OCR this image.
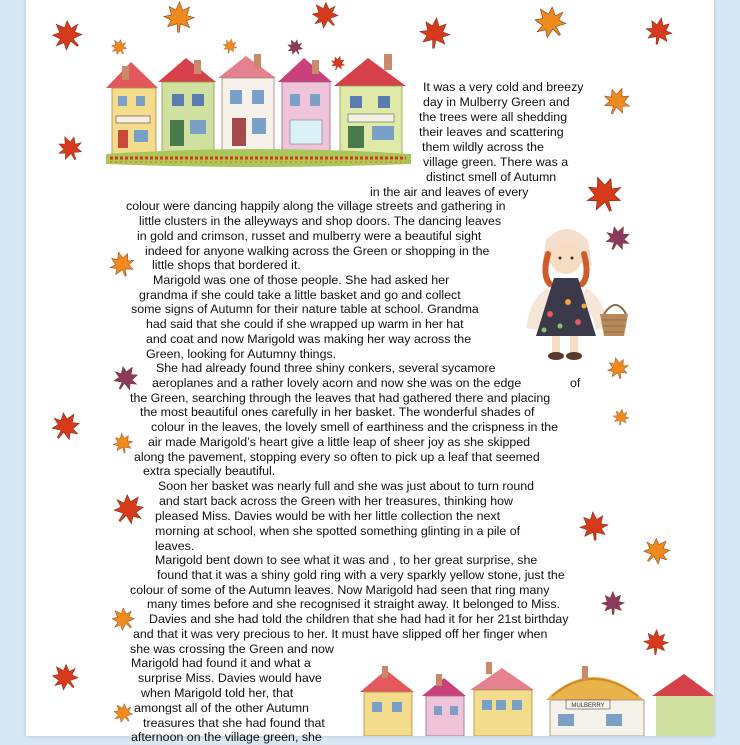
MULBERRY
It was a very cold and breezy
day in Mulberry Green and
the trees were all shedding
their leaves and scattering
them wildly across the
village green. There was a
distinct smell of Autumn
in the air and leaves of every
colour were dancing happily along the village streets and gathering in
little clusters in the alleyways and shop doors. The dancing leaves
in gold and crimson, russet and mulberry were a beautiful sight
indeed for anyone walking across the Green or shopping in the
little shops that bordered it.
Marigold was one of those people. She had asked her
grandma if she could take a little basket and go and collect
some signs of Autumn for their nature table at school. Grandma
had said that she could if she wrapped up warm in her hat
and coat and now Marigold was making her way across the
Green, looking for Autumny things.
She had already found three shiny conkers, several sycamore
aeroplanes and a rather lovely acorn and now she was on the edge	of
the Green, searching through the leaves that had gathered there and placing
the most beautiful ones carefully in her basket. The wonderful shades of
colour in the leaves, the lovely smell of earthiness and the crispness in the
air made Marigold’s heart give a little leap of sheer joy as she skipped
along the pavement, stopping every so often to pick up a leaf that seemed
extra specially beautiful.
Soon her basket was nearly full and she was just about to turn round
and start back across the Green with her treasures, thinking how
pleased Miss. Davies would be with her little collection the next
morning at school, when she spotted something glinting in a pile of
leaves.
Marigold bent down to see what it was and , to her great surprise, she
found that it was a shiny gold ring with a very sparkly yellow stone, just the
colour of some of the Autumn leaves. Now Marigold had seen that ring many
many times before and she recognised it straight away. It belonged to Miss.
Davies and she had told the children that she had had it for her 21st birthday
and that it was very precious to her. It must have slipped off her finger when
she was crossing the Green and now
Marigold had found it and what a
surprise Miss. Davies would have
when Marigold told her, that
amongst all of the other Autumn
treasures that she had found that
afternoon on the village green, she
